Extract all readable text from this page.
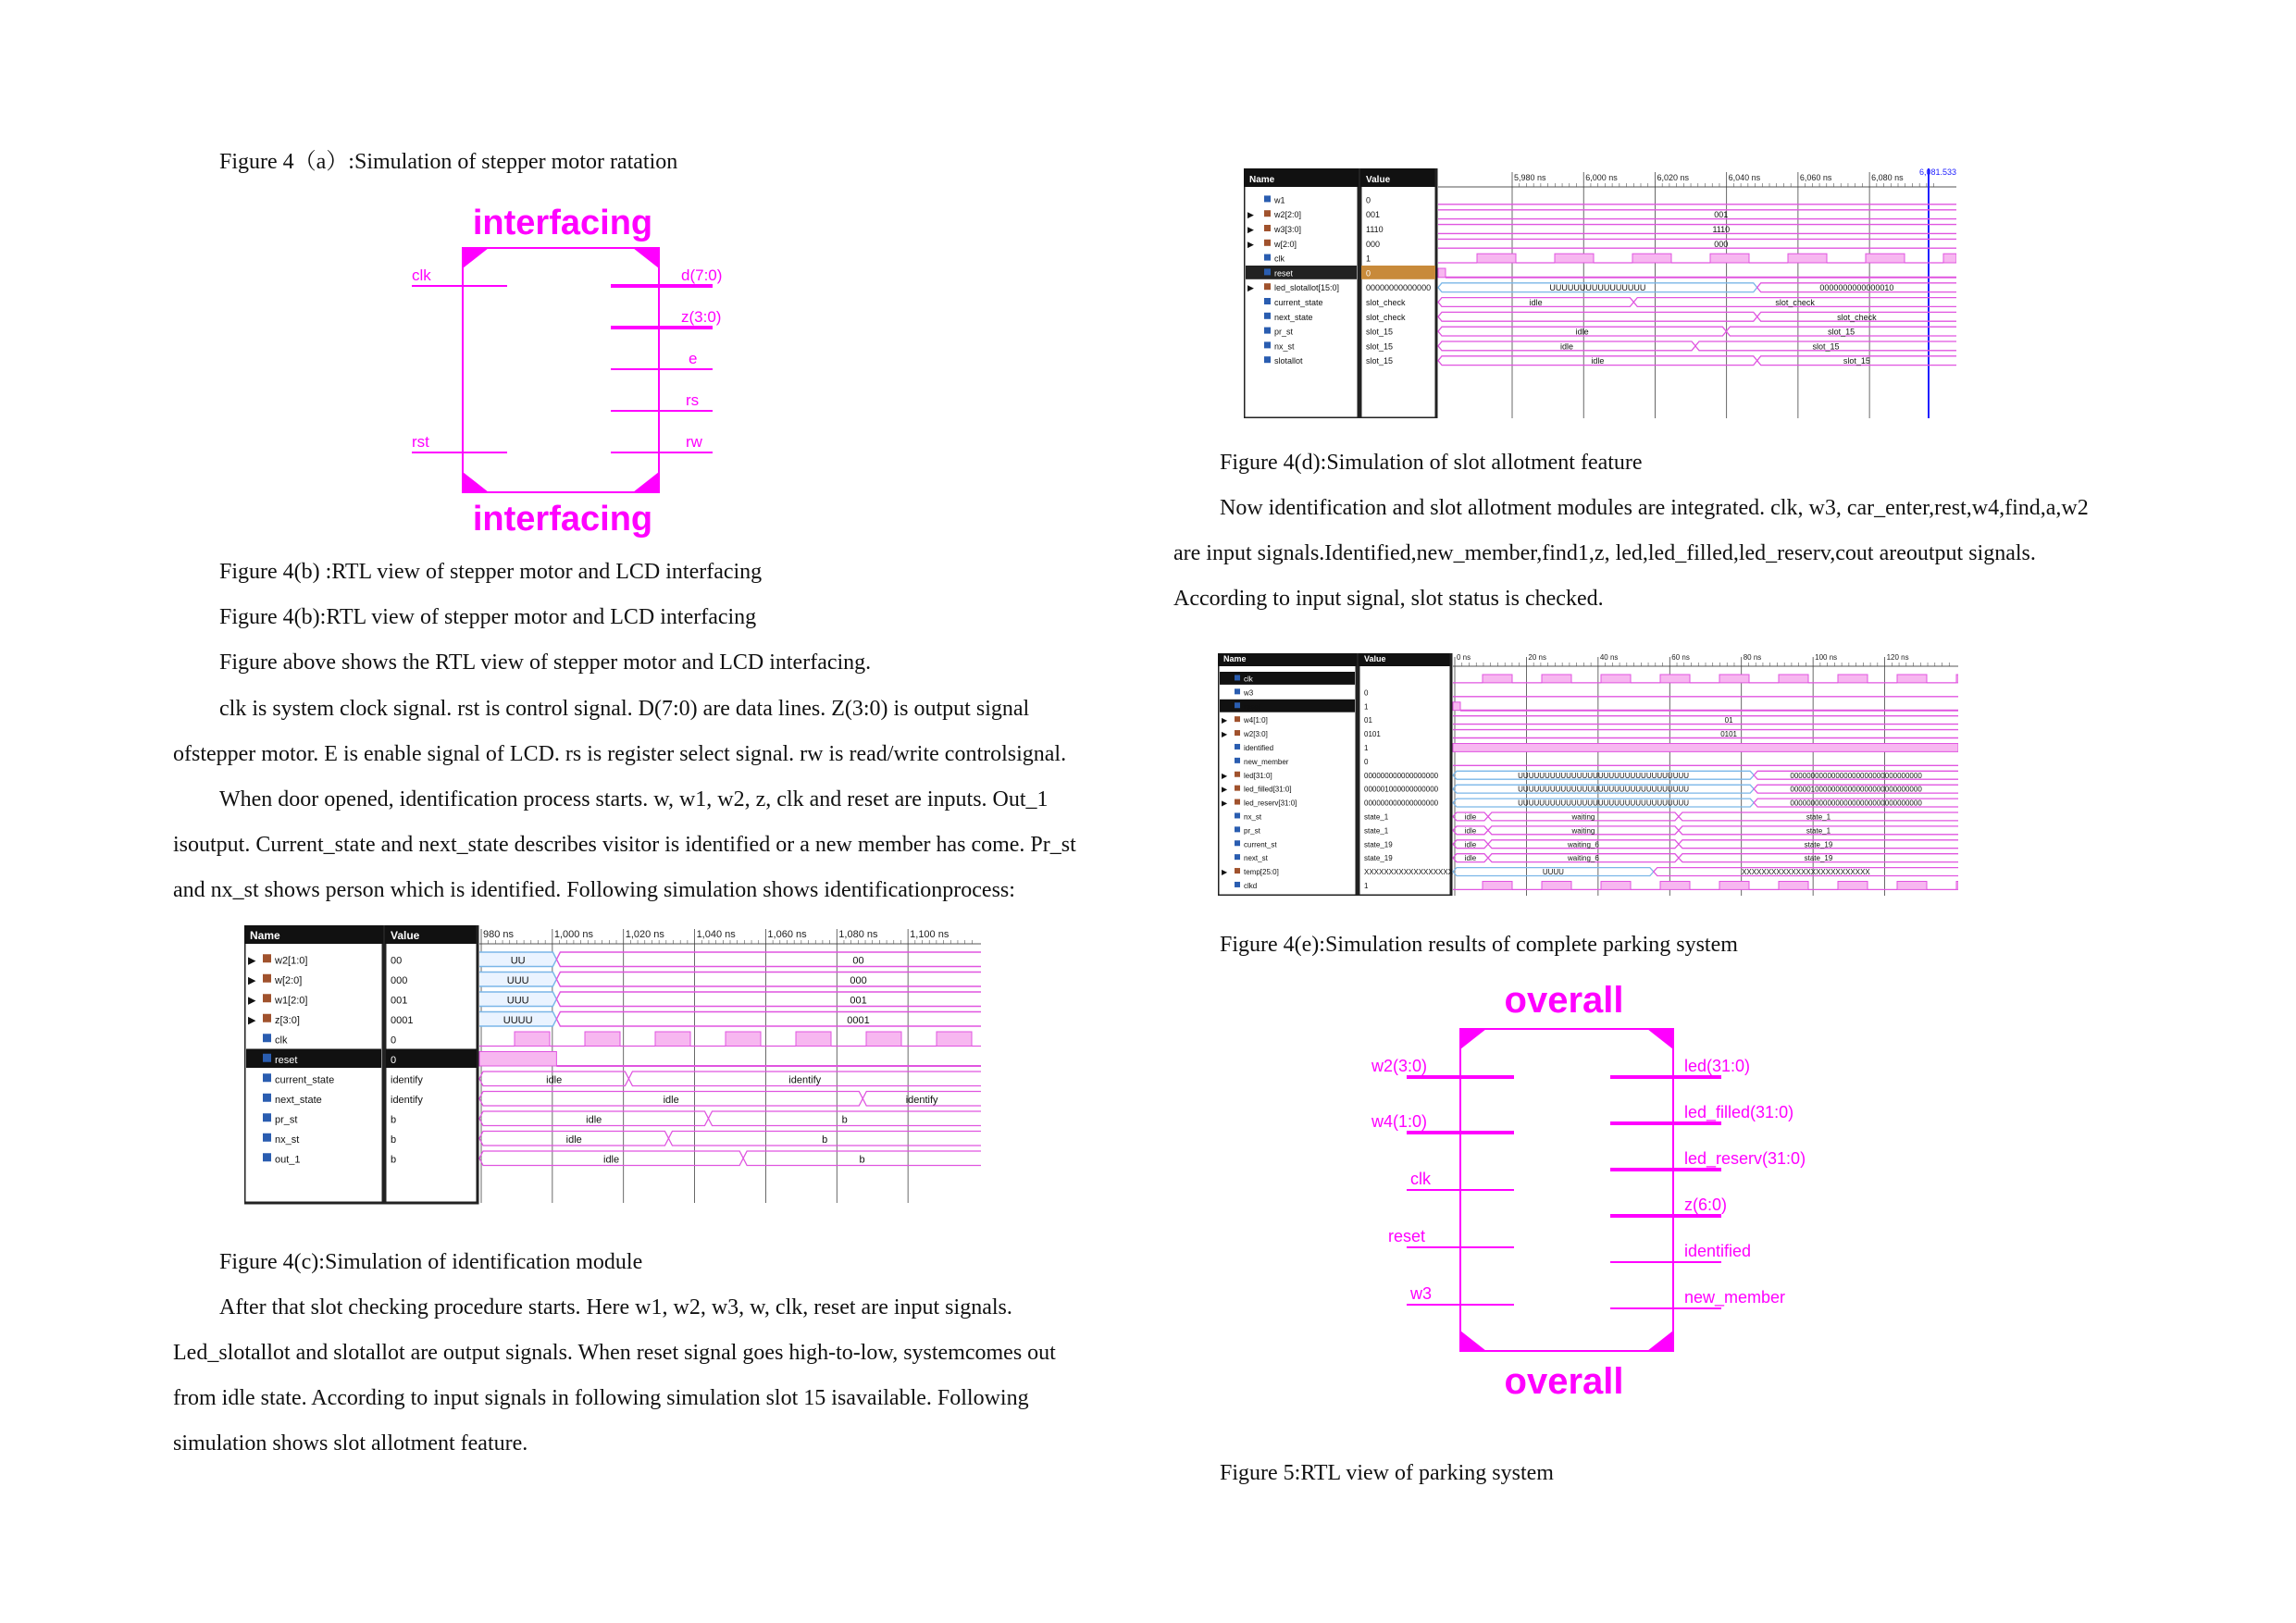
Figure 4（a）:Simulation of stepper motor ratation
interfacing
clk
rst
d(7:0)
z(3:0)
e
rs
rw
interfacing
Figure 4(b) :RTL view of stepper motor and LCD interfacing
Figure 4(b):RTL view of stepper motor and LCD interfacing
Figure above shows the RTL view of stepper motor and LCD interfacing.
clk is system clock signal. rst is control signal. D(7:0) are data lines. Z(3:0) is output signal
ofstepper motor. E is enable signal of LCD. rs is register select signal. rw is read/write controlsignal.
When door opened, identification process starts. w, w1, w2, z, clk and reset are inputs. Out_1
isoutput. Current_state and next_state describes visitor is identified or a new member has come. Pr_st
and nx_st shows person which is identified. Following simulation shows identificationprocess:
Name	Value	980 ns	1,000 ns	1,020 ns	1,040 ns	1,060 ns	1,080 ns	1,100 ns
▶ w2[1:0]	00	UU	00
▶ w[2:0]	000	UUU	000
▶ w1[2:0]	001	UUU	001
▶ z[3:0]	0001	UUUU	0001
clk	0
reset	0
current_state	identify	idle	identify
next_state	identify	idle	identify
pr_st	b	idle	b
nx_st	b	idle	b
out_1	b	idle	b
Figure 4(c):Simulation of identification module
After that slot checking procedure starts. Here w1, w2, w3, w, clk, reset are input signals.
Led_slotallot and slotallot are output signals. When reset signal goes high-to-low, systemcomes out
from idle state. According to input signals in following simulation slot 15 isavailable. Following
simulation shows slot allotment feature.
Name	Value	5,980 ns	6,000 ns	6,020 ns	6,040 ns	6,060 ns	6,080 ns
6,081.533
w1	0
▶ w2[2:0]	001	001
▶ w3[3:0]	1110	1110
▶ w[2:0]	000	000
clk	1
reset	0
▶ led_slotallot[15:0]	00000000000000	UUUUUUUUUUUUUUUU	0000000000000010
current_state	slot_check	idle	slot_check
next_state	slot_check	slot_check
pr_st	slot_15	idle	slot_15
nx_st	slot_15	idle	slot_15
slotallot	slot_15	idle	slot_15
Figure 4(d):Simulation of slot allotment feature
Now identification and slot allotment modules are integrated. clk, w3, car_enter,rest,w4,find,a,w2
are input signals.Identified,new_member,find1,z, led,led_filled,led_reserv,cout areoutput signals.
According to input signal, slot status is checked.
Name	Value	0 ns	20 ns	40 ns	60 ns	80 ns	100 ns	120 ns
clk	1
w3	0
reset	1
▶ w4[1:0]	01	01
▶ w2[3:0]	0101	0101
identified	1
new_member	0
▶ led[31:0]	000000000000000000	UUUUUUUUUUUUUUUUUUUUUUUUUUUUUUUU	00000000000000000000000000000000
▶ led_filled[31:0]	000001000000000000	UUUUUUUUUUUUUUUUUUUUUUUUUUUUUUUU	00000100000000000000000000000000
▶ led_reserv[31:0]	000000000000000000	UUUUUUUUUUUUUUUUUUUUUUUUUUUUUUUU	00000000000000000000000000000000
nx_st	state_1	idle	waiting	state_1
pr_st	state_1	idle	waiting	state_1
current_st	state_19	idle	waiting_6	state_19
next_st	state_19	idle	waiting_6	state_19
▶ temp[25:0]	XXXXXXXXXXXXXXXXXX	UUUU	XXXXXXXXXXXXXXXXXXXXXXXXXX
clkd	1
Figure 4(e):Simulation results of complete parking system
overall
w2(3:0)
w4(1:0)
clk
reset
w3
led(31:0)
led_filled(31:0)
led_reserv(31:0)
z(6:0)
identified
new_member
overall
Figure 5:RTL view of parking system
